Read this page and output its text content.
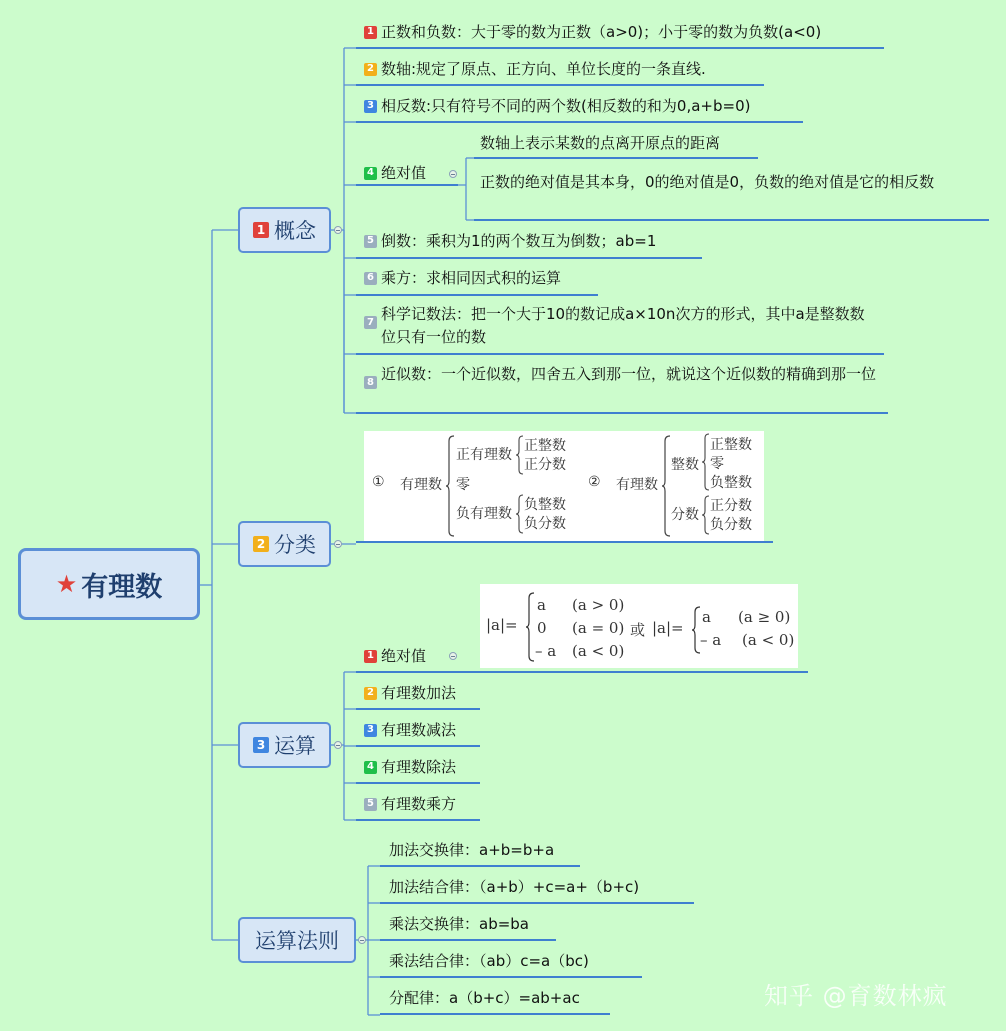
★ 有理数
1 概念
2 分类
3 运算
运算法则
1 正数和负数：大于零的数为正数（a>0)；小于零的数为负数(a<0)
2 数轴:规定了原点、正方向、单位长度的一条直线.
3 相反数:只有符号不同的两个数(相反数的和为0,a+b=0)
4 绝对值
数轴上表示某数的点离开原点的距离
正数的绝对值是其本身，0的绝对值是0，负数的绝对值是它的相反数
5 倒数：乘积为1的两个数互为倒数；ab=1
6 乘方：求相同因式积的运算
7 科学记数法：把一个大于10的数记成a×10n次方的形式，其中a是整数数位只有一位的数
8 近似数：一个近似数，四舍五入到那一位，就说这个近似数的精确到那一位
① 有理数
正有理数
零
负有理数
正整数
正分数
负整数
负分数
② 有理数
整数
分数
正整数
零
负整数
正分数
负分数
1 绝对值
|a|=
a (a > 0)
0 (a = 0)
– a (a < 0)
或 |a|=
a (a ≥ 0)
– a (a < 0)
2 有理数加法
3 有理数减法
4 有理数除法
5 有理数乘方
加法交换律：a+b=b+a
加法结合律：（a+b）+c=a+（b+c)
乘法交换律：ab=ba
乘法结合律：（ab）c=a（bc)
分配律：a（b+c）=ab+ac	知乎 @育数林疯
